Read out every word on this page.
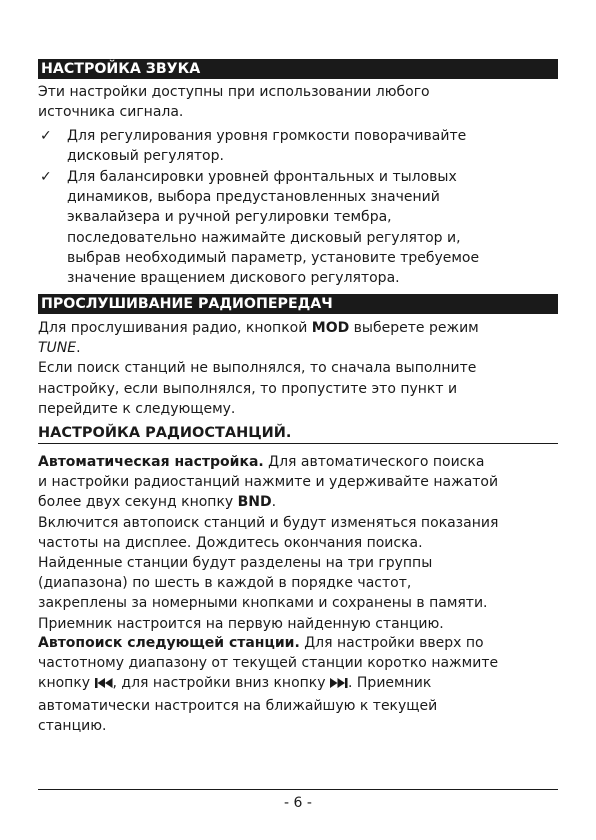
НАСТРОЙКА ЗВУКА
Эти настройки доступны при использовании любого
источника сигнала.
✓ Для регулирования уровня громкости поворачивайте
дисковый регулятор.
✓ Для балансировки уровней фронтальных и тыловых
динамиков, выбора предустановленных значений
эквалайзера и ручной регулировки тембра,
последовательно нажимайте дисковый регулятор и,
выбрав необходимый параметр, установите требуемое
значение вращением дискового регулятора.
ПРОСЛУШИВАНИЕ РАДИОПЕРЕДАЧ
Для прослушивания радио, кнопкой MOD выберете режим
TUNE.
Если поиск станций не выполнялся, то сначала выполните
настройку, если выполнялся, то пропустите это пункт и
перейдите к следующему.
НАСТРОЙКА РАДИОСТАНЦИЙ.
Автоматическая настройка. Для автоматического поиска
и настройки радиостанций нажмите и удерживайте нажатой
более двух секунд кнопку BND.
Включится автопоиск станций и будут изменяться показания
частоты на дисплее. Дождитесь окончания поиска.
Найденные станции будут разделены на три группы
(диапазона) по шесть в каждой в порядке частот,
закреплены за номерными кнопками и сохранены в памяти.
Приемник настроится на первую найденную станцию.
Автопоиск следующей станции. Для настройки вверх по
частотному диапазону от текущей станции коротко нажмите
кнопку , для настройки вниз кнопку . Приемник
автоматически настроится на ближайшую к текущей
станцию.
- 6 -
